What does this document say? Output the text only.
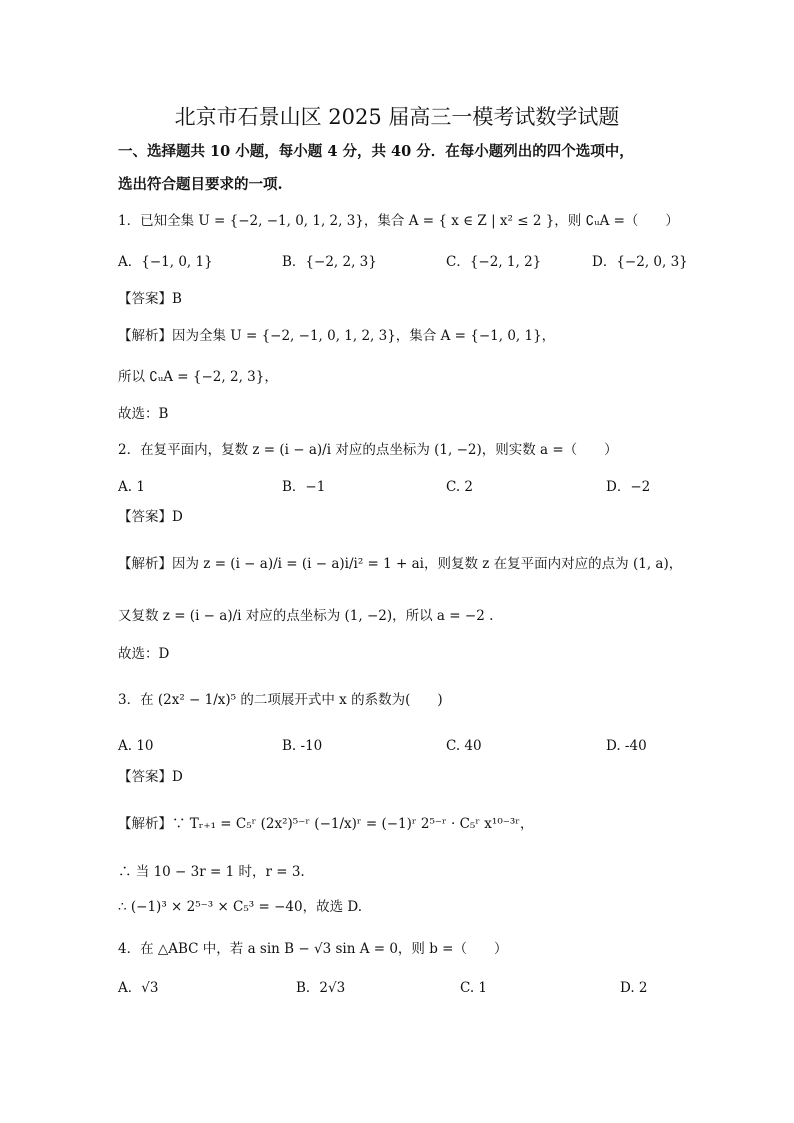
北京市石景山区 2025 届高三一模考试数学试题
一、选择题共 10 小题，每小题 4 分，共 40 分．在每小题列出的四个选项中，
选出符合题目要求的一项.
1．已知全集 U = {−2, −1, 0, 1, 2, 3}，集合 A = { x ∈ Z | x² ≤ 2 }，则 ∁ᵤA =（　　）
A．{−1, 0, 1}	B．{−2, 2, 3}	C．{−2, 1, 2}	D．{−2, 0, 3}
【答案】B
【解析】因为全集 U = {−2, −1, 0, 1, 2, 3}，集合 A = {−1, 0, 1}，
所以 ∁ᵤA = {−2, 2, 3}，
故选：B
2．在复平面内，复数 z = (i − a)/i 对应的点坐标为 (1, −2)，则实数 a =（　　）
A. 1	B．−1	C. 2	D．−2
【答案】D
【解析】因为 z = (i − a)/i = (i − a)i/i² = 1 + ai，则复数 z 在复平面内对应的点为 (1, a)，
又复数 z = (i − a)/i 对应的点坐标为 (1, −2)，所以 a = −2 .
故选：D
3．在 (2x² − 1/x)⁵ 的二项展开式中 x 的系数为(　　)
A. 10	B. -10	C. 40	D. -40
【答案】D
【解析】∵ Tᵣ₊₁ = C₅ʳ (2x²)⁵⁻ʳ (−1/x)ʳ = (−1)ʳ 2⁵⁻ʳ · C₅ʳ x¹⁰⁻³ʳ，
∴ 当 10 − 3r = 1 时，r = 3.
∴ (−1)³ × 2⁵⁻³ × C₅³ = −40，故选 D.
4．在 △ABC 中，若 a sin B − √3 sin A = 0，则 b =（　　）
A．√3	B．2√3	C. 1	D. 2
